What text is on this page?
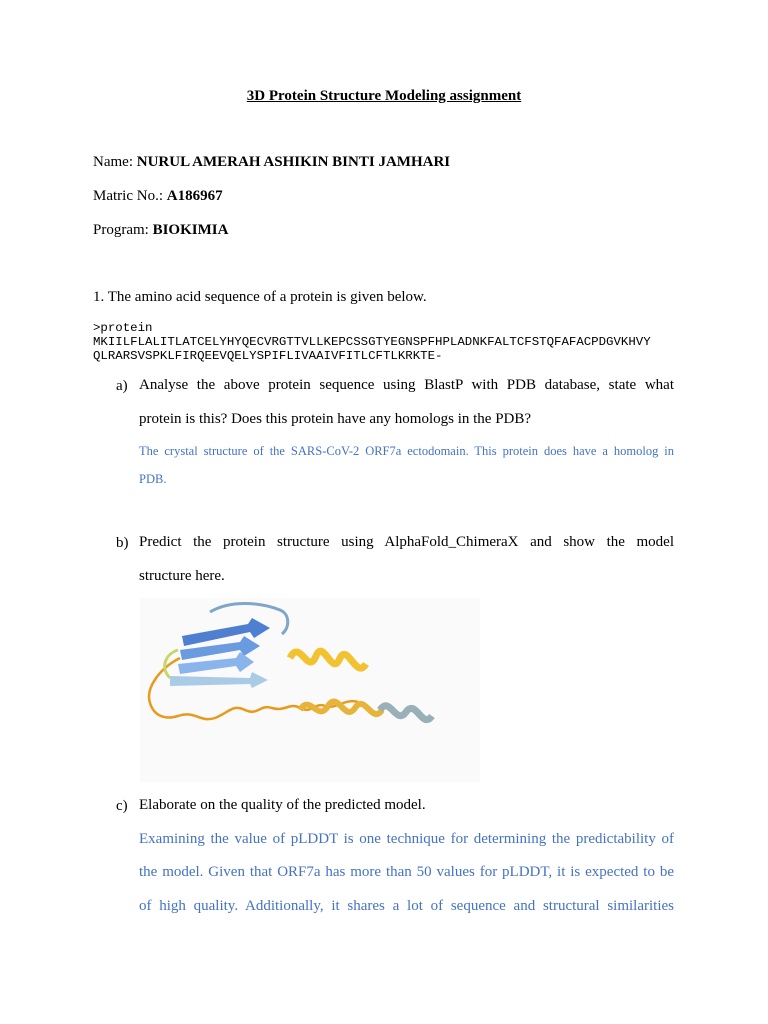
3D Protein Structure Modeling assignment
Name: NURUL AMERAH ASHIKIN BINTI JAMHARI
Matric No.: A186967
Program: BIOKIMIA
1. The amino acid sequence of a protein is given below.
>protein
MKIILFLALITLATCELYHYQECVRGTTVLLKEPCSSGTYEGNSPFHPLADNKFALTCFSTQFAFACPDGVKHVY
QLRARSVSPKLFIRQEEVQELYSPIFLIVAAIVFITLCFTLKRKTE-
a) Analyse the above protein sequence using BlastP with PDB database, state what
protein is this? Does this protein have any homologs in the PDB?
The crystal structure of the SARS-CoV-2 ORF7a ectodomain. This protein does have a homolog in
PDB.
b) Predict the protein structure using AlphaFold_ChimeraX and show the model
structure here.
c) Elaborate on the quality of the predicted model.
Examining the value of pLDDT is one technique for determining the predictability of
the model. Given that ORF7a has more than 50 values for pLDDT, it is expected to be
of high quality. Additionally, it shares a lot of sequence and structural similarities
